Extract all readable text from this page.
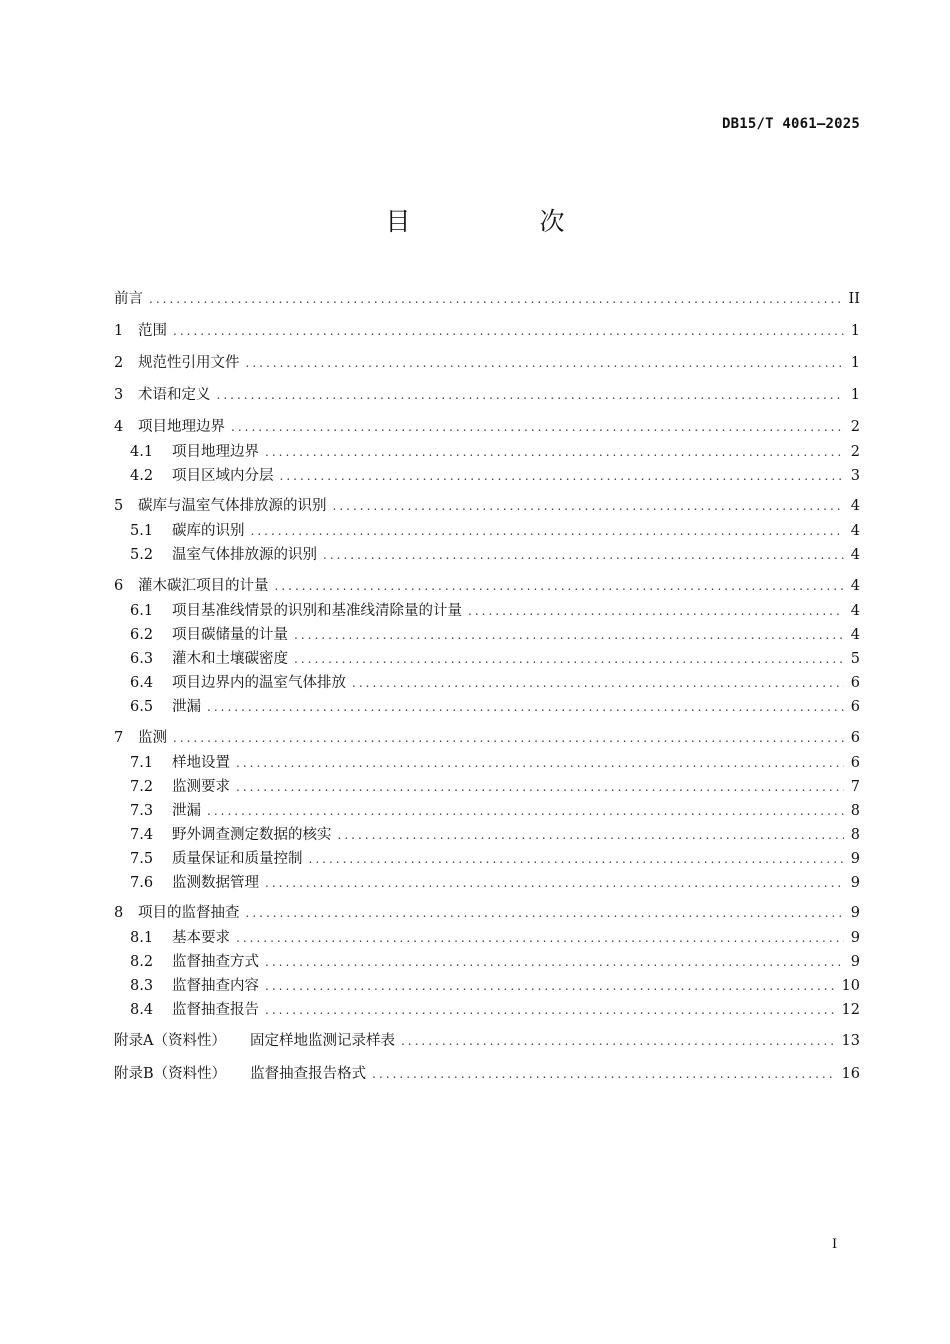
DB15/T 4061—2025
目　次
前言 .....	II
1	范围 .....	1
2	规范性引用文件 .....	1
3	术语和定义 .....	1
4	项目地理边界 .....	2
4.1	项目地理边界 .....	2
4.2	项目区域内分层 .....	3
5	碳库与温室气体排放源的识别 .....	4
5.1	碳库的识别 .....	4
5.2	温室气体排放源的识别 .....	4
6	灌木碳汇项目的计量 .....	4
6.1	项目基准线情景的识别和基准线清除量的计量 .....	4
6.2	项目碳储量的计量 .....	4
6.3	灌木和土壤碳密度 .....	5
6.4	项目边界内的温室气体排放 .....	6
6.5	泄漏 .....	6
7	监测 .....	6
7.1	样地设置 .....	6
7.2	监测要求 .....	7
7.3	泄漏 .....	8
7.4	野外调查测定数据的核实 .....	8
7.5	质量保证和质量控制 .....	9
7.6	监测数据管理 .....	9
8	项目的监督抽查 .....	9
8.1	基本要求 .....	9
8.2	监督抽查方式 .....	9
8.3	监督抽查内容 .....	10
8.4	监督抽查报告 .....	12
附录A（资料性） 固定样地监测记录样表 .....	13
附录B（资料性） 监督抽查报告格式 .....	16
I
